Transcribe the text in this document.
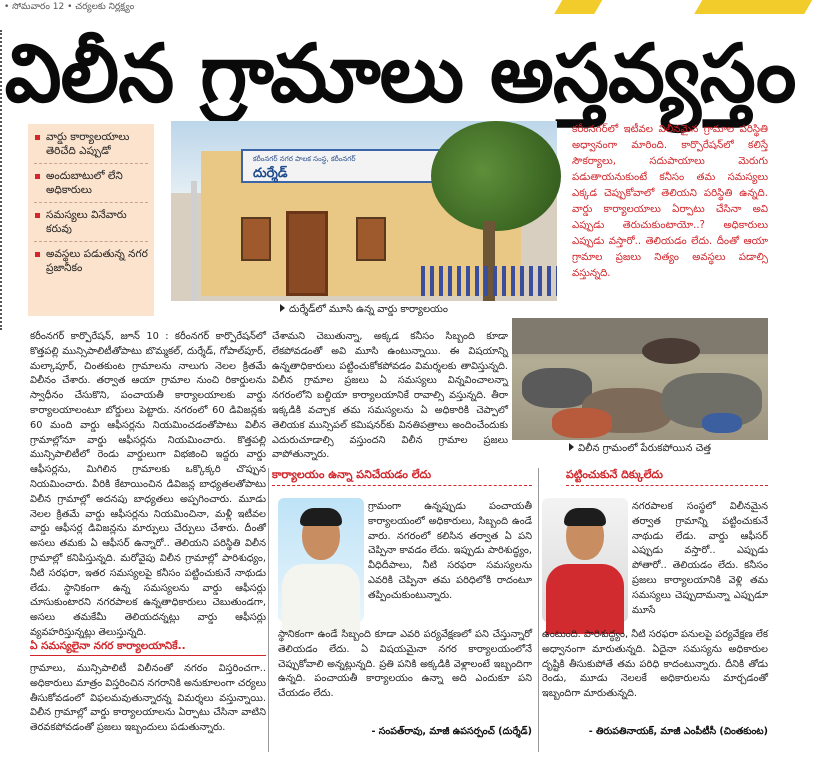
• సోమవారం 12 • చర్యలకు నిర్లక్ష్యం
విలీన గ్రామాలు అస్తవ్యస్తం
వార్డు కార్యాలయాలు తెరిచేది ఎప్పుడో
అందుబాటులో లేని అధికారులు
సమస్యలు వినేవారు కరువు
అవస్థలు పడుతున్న నగర ప్రజానీకం
కరీంనగర్ నగర పాలక సంస్థ, కరీంనగర్
దుర్శేడ్
దుర్శేడ్‌లో మూసి ఉన్న వార్డు కార్యాలయం
కరీంనగర్‌లో ఇటీవల విలీనమైన గ్రామాల పరిస్థితి అధ్వానంగా మారింది. కార్పొరేషన్‌లో కలిస్తే సౌకర్యాలు, సదుపాయాలు మెరుగు పడుతాయనుకుంటే కనీసం తమ సమస్యలు ఎక్కడ చెప్పుకోవాలో తెలియని పరిస్థితి ఉన్నది. వార్డు కార్యాలయాలు ఏర్పాటు చేసినా అవి ఎప్పుడు తెరుచుకుంటాయో..? అధికారులు ఎప్పుడు వస్తారో.. తెలియడం లేదు. దీంతో ఆయా గ్రామాల ప్రజలు నిత్యం అవస్థలు పడాల్సి వస్తున్నది.
కరీంనగర్ కార్పొరేషన్, జూన్ 10 : కరీంనగర్ కార్పొరేషన్‌లో కొత్తపల్లి మున్సిపాలిటీతోపాటు బొమ్మకల్, దుర్శేడ్, గోపాల్‌పూర్, మల్కాపూర్, చింతకుంట గ్రామాలను నాలుగు నెలల క్రితమే విలీనం చేశారు. తర్వాత ఆయా గ్రామాల నుంచి రికార్డులను స్వాధీనం చేసుకొని, పంచాయతీ కార్యాలయాలకు వార్డు కార్యాలయాలంటూ బోర్డులు పెట్టారు. నగరంలో 60 డివిజన్లకు 60 మంది వార్డు ఆఫీసర్లను నియమించడంతోపాటు విలీన గ్రామాల్లోనూ వార్డు ఆఫీసర్లను నియమించారు. కొత్తపల్లి మున్సిపాలిటీలో రెండు వార్డులుగా విభజించి ఇద్దరు వార్డు ఆఫీసర్లను, మిగిలిన గ్రామాలకు ఒక్కొక్కరి చొప్పున నియమించారు. వీరికి కేటాయించిన డివిజన్ల బాధ్యతలతోపాటు విలీన గ్రామాల్లో అదనపు బాధ్యతలు అప్పగించారు. మూడు నెలల క్రితమే వార్డు ఆఫీసర్లను నియమించినా, మళ్లీ ఇటీవల వార్డు ఆఫీసర్ల డివిజన్లను మార్పులు చేర్పులు చేశారు. దీంతో అసలు తమకు ఏ ఆఫీసర్ ఉన్నారో.. తెలియని పరిస్థితి విలీన గ్రామాల్లో కనిపిస్తున్నది. మరోవైపు విలీన గ్రామాల్లో పారిశుధ్యం, నీటి సరఫరా, ఇతర సమస్యలపై కనీసం పట్టించుకునే నాథుడు లేడు. స్థానికంగా ఉన్న సమస్యలను వార్డు ఆఫీసర్లు చూసుకుంటారని నగరపాలక ఉన్నతాధికారులు చెబుతుండగా, అసలు తమకేమీ తెలియదన్నట్లు వార్డు ఆఫీసర్లు వ్యవహరిస్తున్నట్లు తెలుస్తున్నది.
చేశామని చెబుతున్నా, అక్కడ కనీసం సిబ్బంది కూడా లేకపోవడంతో అవి మూసి ఉంటున్నాయి. ఈ విషయాన్ని ఉన్నతాధికారులు పట్టించుకోకపోవడం విమర్శలకు తావిస్తున్నది. విలీన గ్రామాల ప్రజలు ఏ సమస్యలు విన్నవించాలన్నా నగరంలోని బల్దియా కార్యాలయానికే రావాల్సి వస్తున్నది. తీరా ఇక్కడికి వచ్చాక తమ సమస్యలను ఏ అధికారికి చెప్పాలో తెలియక మున్సిపల్ కమిషనర్‌కు వినతిపత్రాలు అందించేందుకు ఎదురుచూడాల్సి వస్తుందని విలీన గ్రామాల ప్రజలు వాపోతున్నారు.
ఏ సమస్యలైనా నగర కార్యాలయానికే..
గ్రామాలు, మున్సిపాలిటీ విలీనంతో నగరం విస్తరించగా.. అధికారులు మాత్రం విస్తరించిన నగరానికి అనుకూలంగా చర్యలు తీసుకోవడంలో విఫలమవుతున్నారన్న విమర్శలు వస్తున్నాయి. విలీన గ్రామాల్లో వార్డు కార్యాలయాలను ఏర్పాటు చేసినా వాటిని తెరవకపోవడంతో ప్రజలు ఇబ్బందులు పడుతున్నారు.
విలీన గ్రామంలో పేరుకపోయిన చెత్త
కార్యాలయం ఉన్నా పనిచేయడం లేదు
గ్రామంగా ఉన్నప్పుడు పంచాయతీ కార్యాలయంలో అధికారులు, సిబ్బంది ఉండే వారు. నగరంలో కలిసిన తర్వాత ఏ పని చెప్పినా కావడం లేదు. ఇప్పుడు పారిశుద్ధ్యం, వీధిదీపాలు, నీటి సరఫరా సమస్యలను ఎవరికి చెప్పినా తమ పరిధిలోకి రాదంటూ తప్పించుకుంటున్నారు.
స్థానికంగా ఉండే సిబ్బంది కూడా ఎవరి పర్యవేక్షణలో పని చేస్తున్నారో తెలియడం లేదు. ఏ విషయమైనా నగర కార్యాలయంలోనే చెప్పుకోవాలి అన్నట్లున్నది. ప్రతి పనికి అక్కడికి వెళ్లాలంటే ఇబ్బందిగా ఉన్నది. పంచాయతీ కార్యాలయం ఉన్నా అది ఎందుకూ పని చేయడం లేదు.
- సంపత్‌రావు, మాజీ ఉపసర్పంచ్ (దుర్శేడ్)
పట్టించుకునే దిక్కులేదు
నగరపాలక సంస్థలో విలీనమైన తర్వాత గ్రామాన్ని పట్టించుకునే నాథుడు లేడు. వార్డు ఆఫీసర్ ఎప్పుడు వస్తారో.. ఎప్పుడు పోతారో.. తెలియడం లేదు. కనీసం ప్రజలు కార్యాలయానికి వెళ్లి తమ సమస్యలు చెప్పుదామన్నా ఎప్పుడూ మూసే
ఉంటుంది. పారిశుద్ధ్యం, నీటి సరఫరా పనులపై పర్యవేక్షణ లేక అధ్వానంగా మారుతున్నది. ఏదైనా సమస్యను అధికారుల దృష్టికి తీసుకుపోతే తమ పరిధి కాదంటున్నారు. దీనికి తోడు రెండు, మూడు నెలలకే అధికారులను మార్చడంతో ఇబ్బందిగా మారుతున్నది.
- తిరుపతినాయక్, మాజీ ఎంపీటీసీ (చింతకుంట)
